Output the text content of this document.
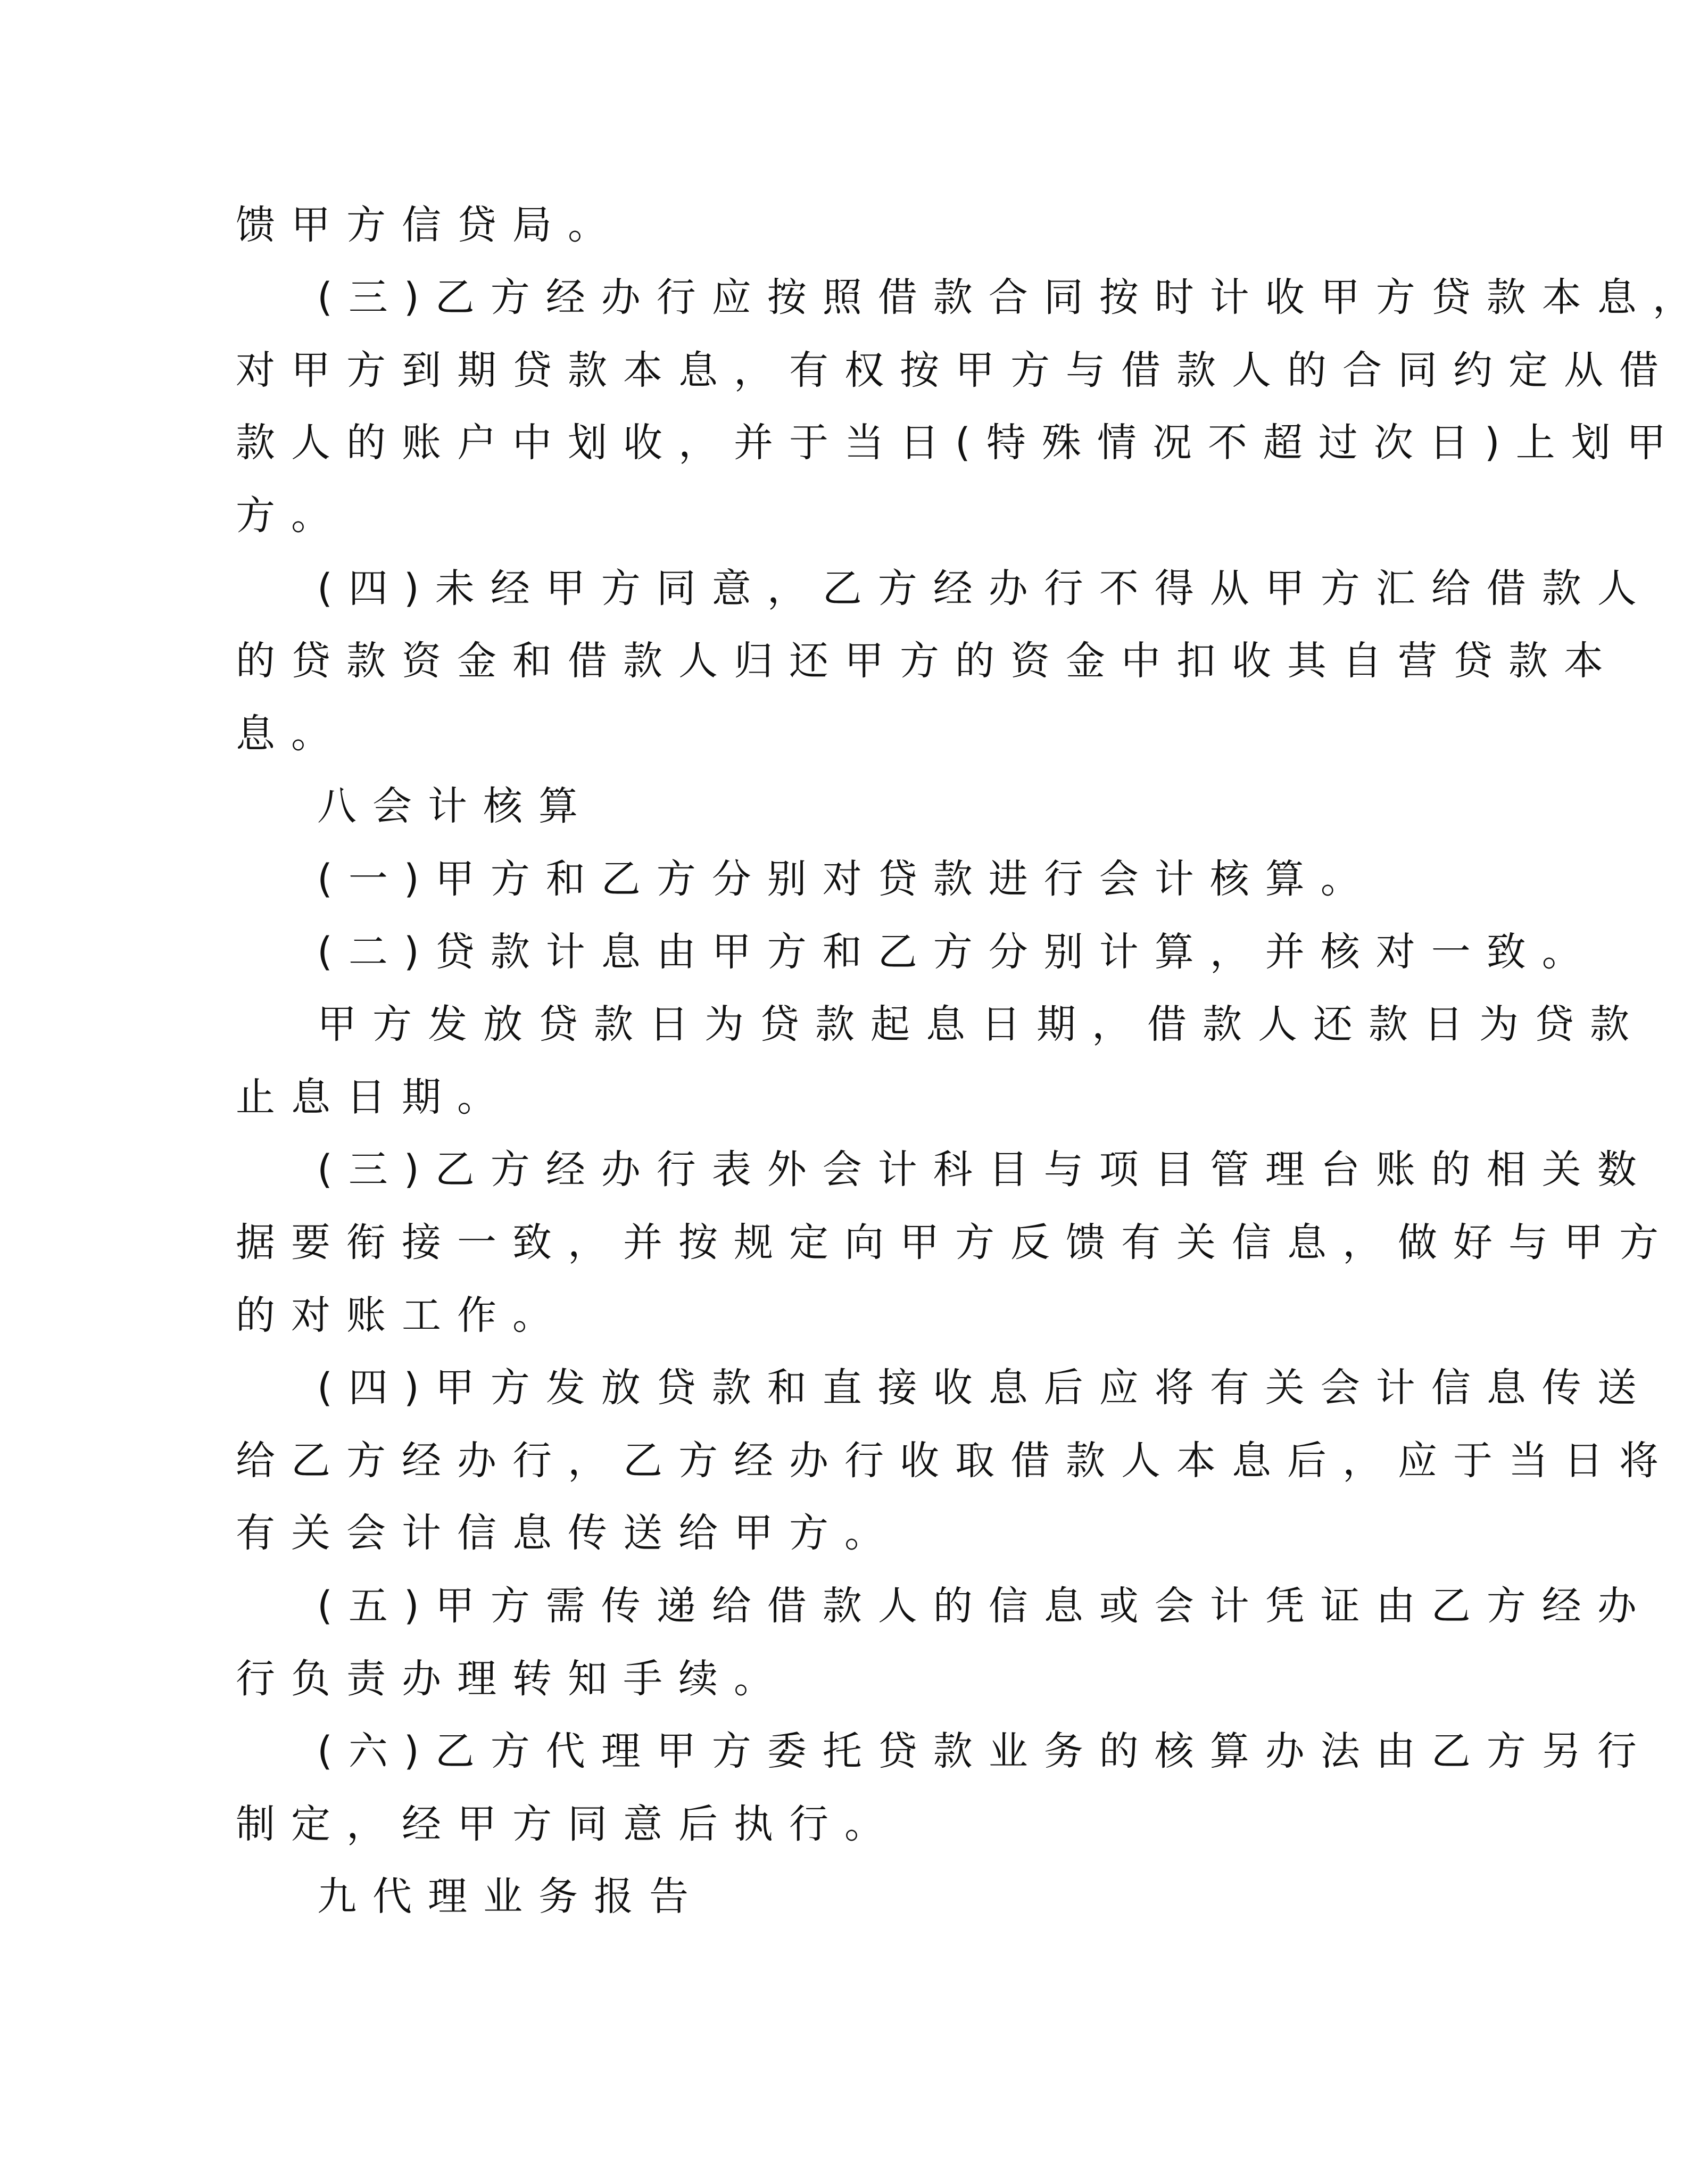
馈甲方信贷局。

(三)乙方经办行应按照借款合同按时计收甲方贷款本息，

对甲方到期贷款本息，有权按甲方与借款人的合同约定从借

款人的账户中划收，并于当日(特殊情况不超过次日)上划甲

方。

(四)未经甲方同意，乙方经办行不得从甲方汇给借款人

的贷款资金和借款人归还甲方的资金中扣收其自营贷款本

息。

八会计核算

(一)甲方和乙方分别对贷款进行会计核算。

(二)贷款计息由甲方和乙方分别计算，并核对一致。

甲方发放贷款日为贷款起息日期，借款人还款日为贷款

止息日期。

(三)乙方经办行表外会计科目与项目管理台账的相关数

据要衔接一致，并按规定向甲方反馈有关信息，做好与甲方

的对账工作。

(四)甲方发放贷款和直接收息后应将有关会计信息传送

给乙方经办行，乙方经办行收取借款人本息后，应于当日将

有关会计信息传送给甲方。

(五)甲方需传递给借款人的信息或会计凭证由乙方经办

行负责办理转知手续。

(六)乙方代理甲方委托贷款业务的核算办法由乙方另行

制定，经甲方同意后执行。

九代理业务报告
